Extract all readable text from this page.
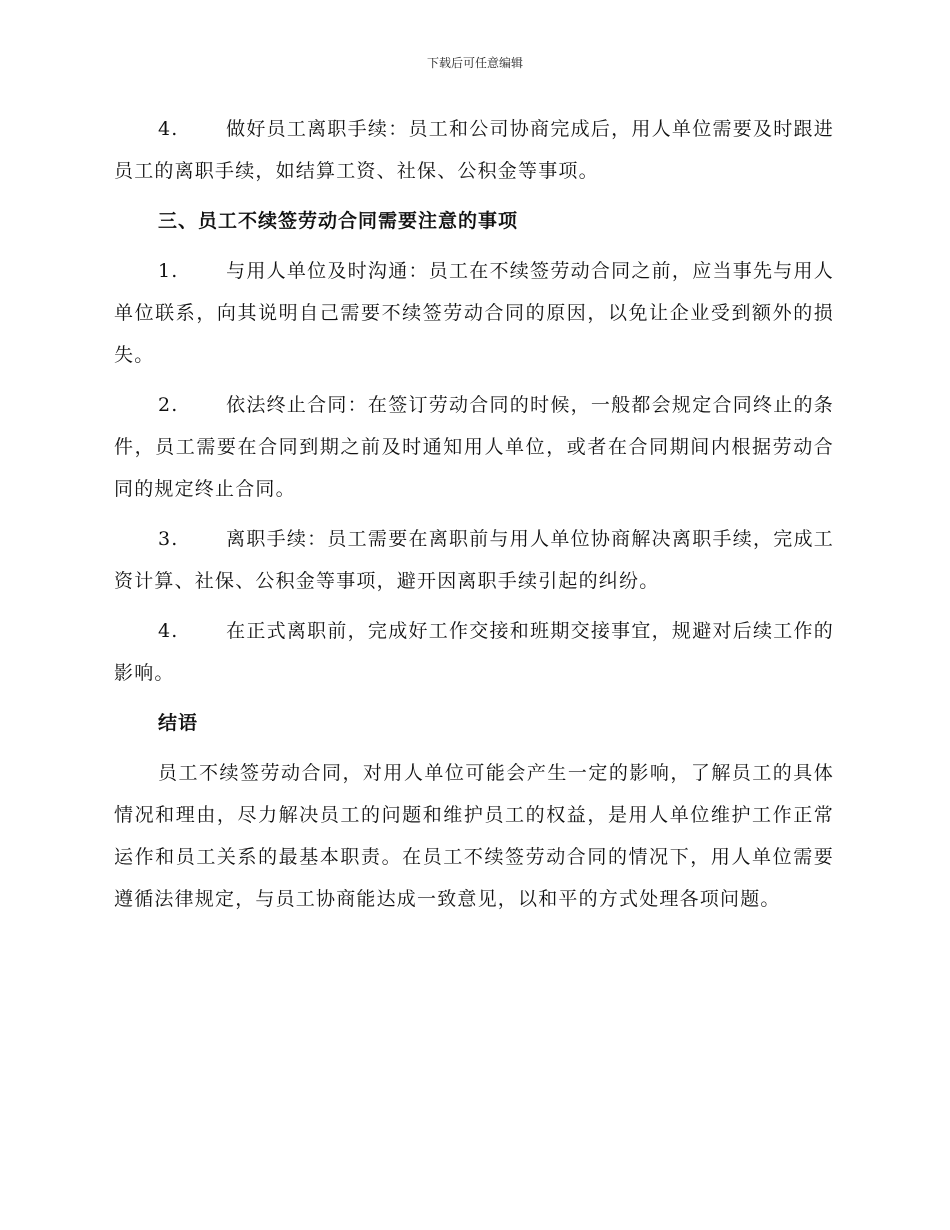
下载后可任意编辑

4. 做好员工离职手续：员工和公司协商完成后，用人单位需要及时跟进员工的离职手续，如结算工资、社保、公积金等事项。

三、员工不续签劳动合同需要注意的事项

1. 与用人单位及时沟通：员工在不续签劳动合同之前，应当事先与用人单位联系，向其说明自己需要不续签劳动合同的原因，以免让企业受到额外的损失。

2. 依法终止合同：在签订劳动合同的时候，一般都会规定合同终止的条件，员工需要在合同到期之前及时通知用人单位，或者在合同期间内根据劳动合同的规定终止合同。

3. 离职手续：员工需要在离职前与用人单位协商解决离职手续，完成工资计算、社保、公积金等事项，避开因离职手续引起的纠纷。

4. 在正式离职前，完成好工作交接和班期交接事宜，规避对后续工作的影响。

结语

员工不续签劳动合同，对用人单位可能会产生一定的影响，了解员工的具体情况和理由，尽力解决员工的问题和维护员工的权益，是用人单位维护工作正常运作和员工关系的最基本职责。在员工不续签劳动合同的情况下，用人单位需要遵循法律规定，与员工协商能达成一致意见，以和平的方式处理各项问题。
